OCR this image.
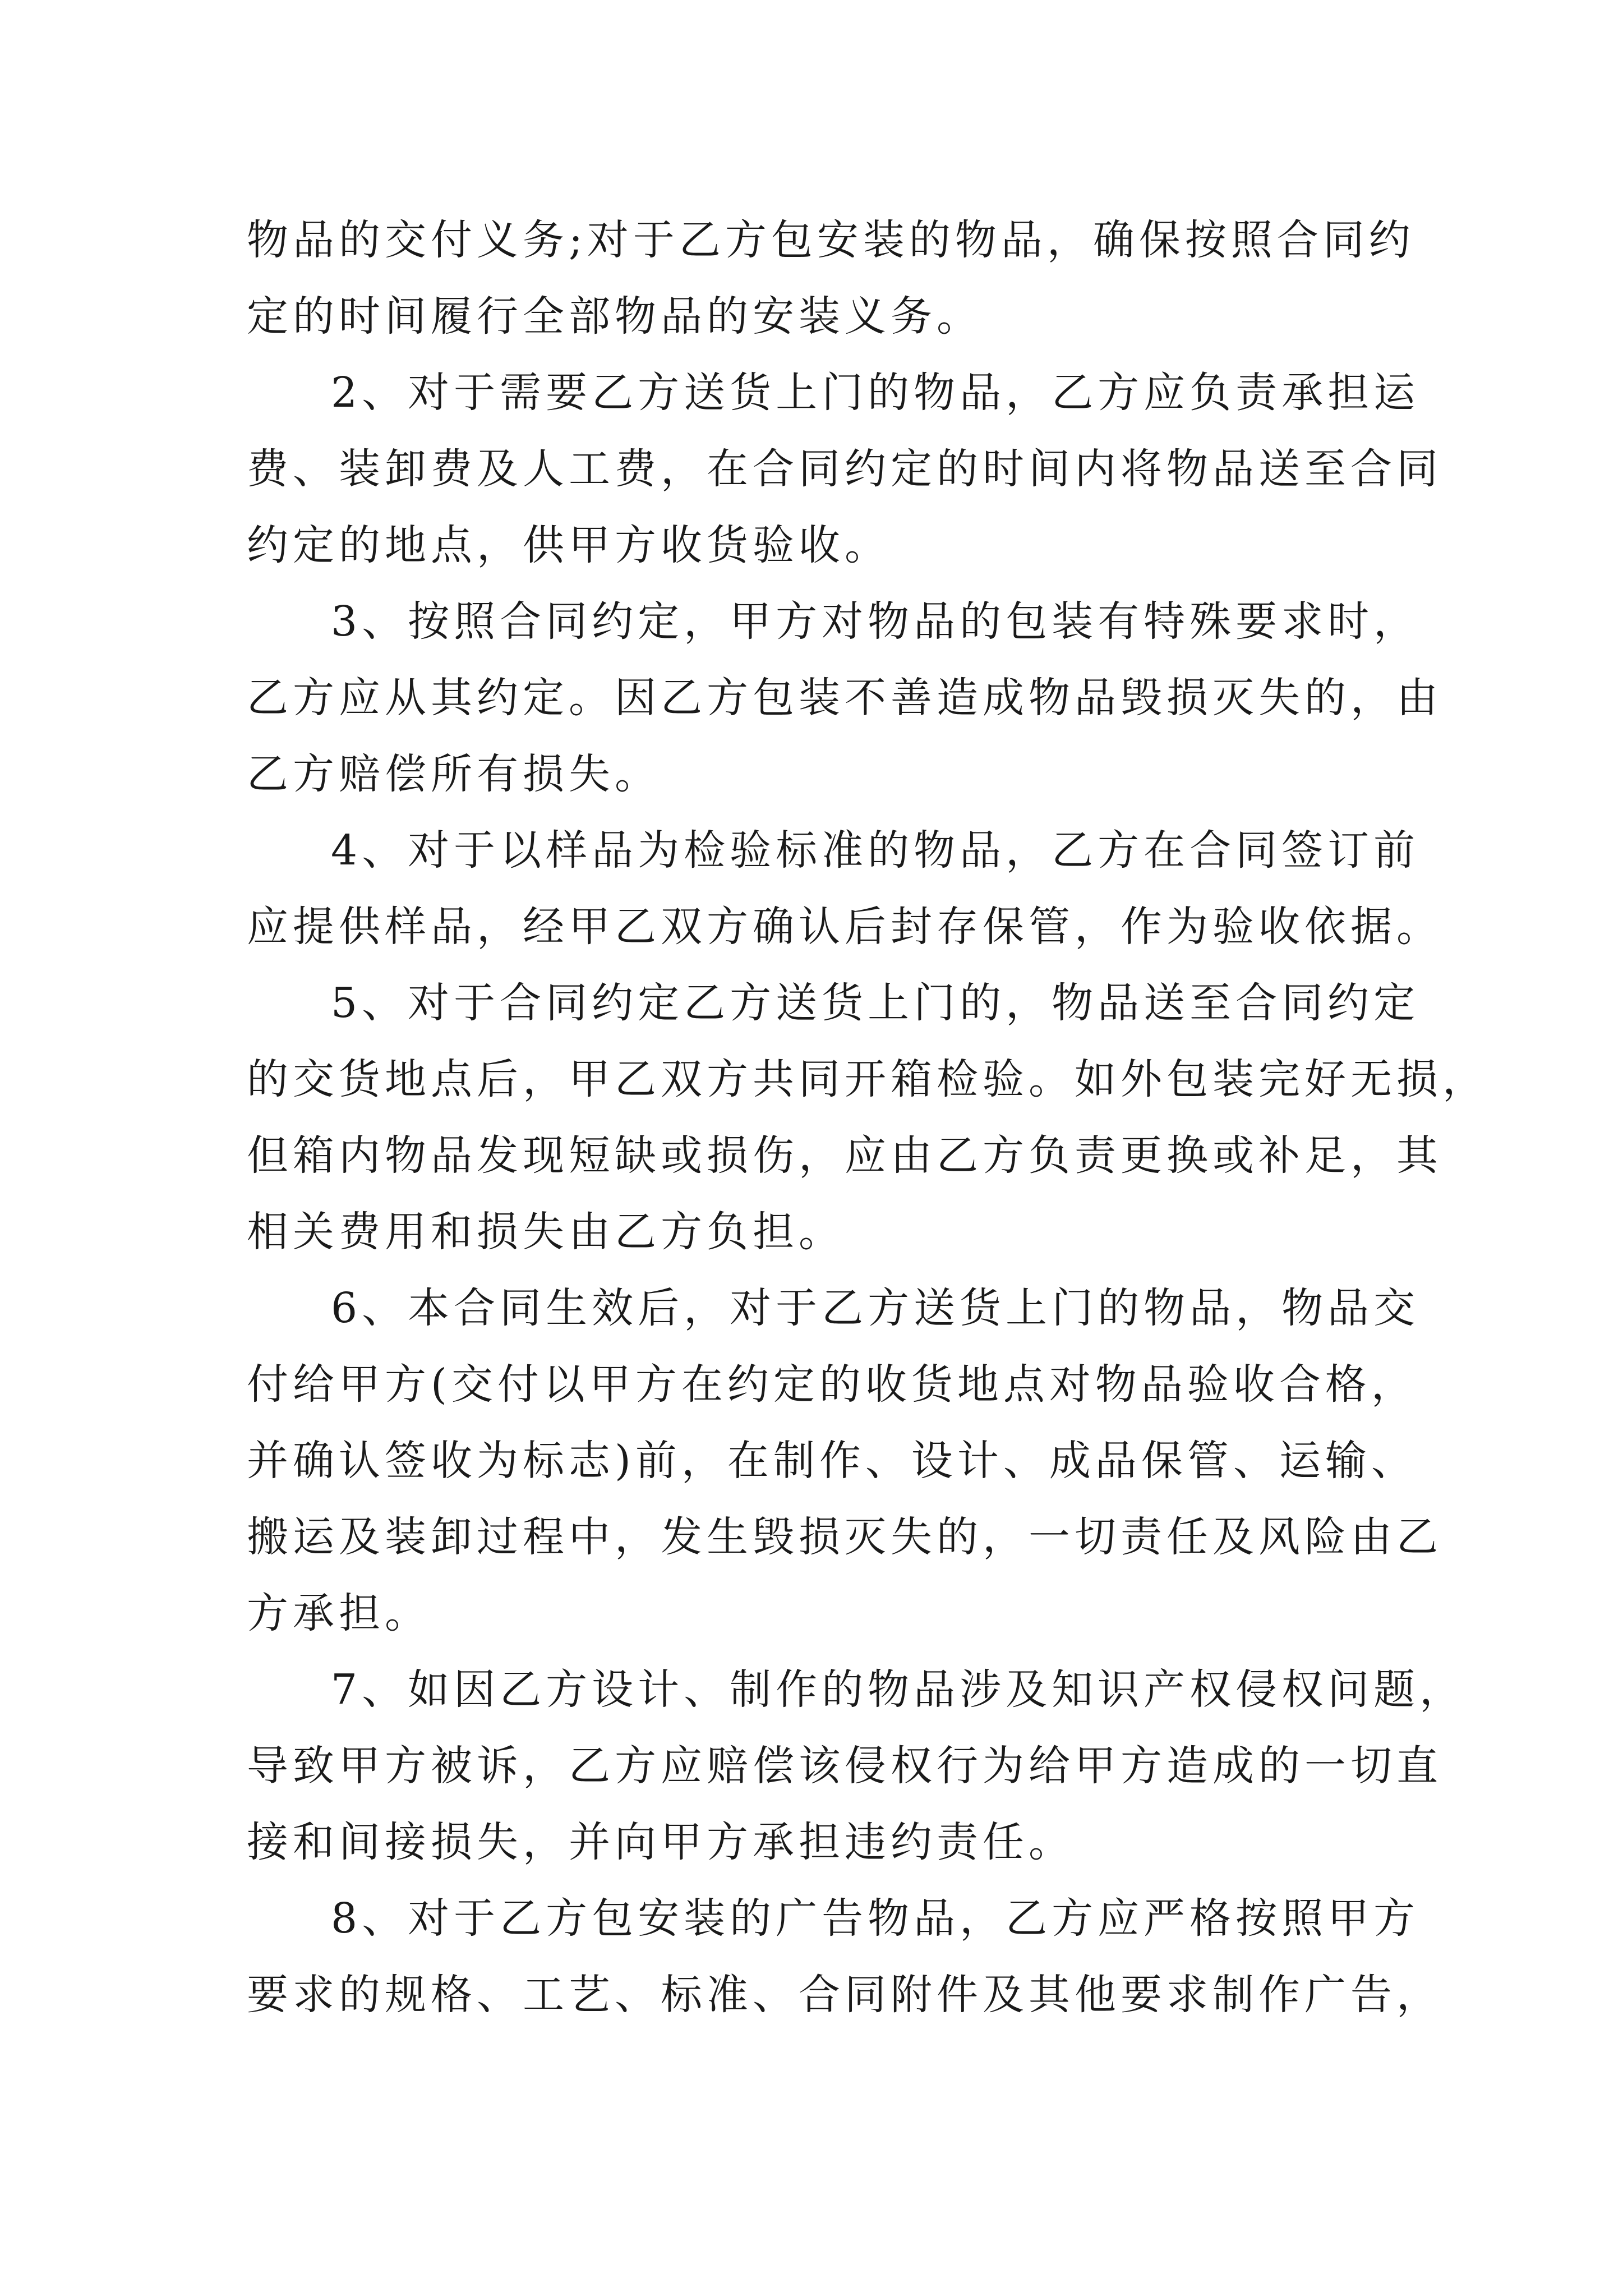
物品的交付义务;对于乙方包安装的物品，确保按照合同约
定的时间履行全部物品的安装义务。
2、对于需要乙方送货上门的物品，乙方应负责承担运
费、装卸费及人工费，在合同约定的时间内将物品送至合同
约定的地点，供甲方收货验收。
3、按照合同约定，甲方对物品的包装有特殊要求时，
乙方应从其约定。因乙方包装不善造成物品毁损灭失的，由
乙方赔偿所有损失。
4、对于以样品为检验标准的物品，乙方在合同签订前
应提供样品，经甲乙双方确认后封存保管，作为验收依据。
5、对于合同约定乙方送货上门的，物品送至合同约定
的交货地点后，甲乙双方共同开箱检验。如外包装完好无损，
但箱内物品发现短缺或损伤，应由乙方负责更换或补足，其
相关费用和损失由乙方负担。
6、本合同生效后，对于乙方送货上门的物品，物品交
付给甲方(交付以甲方在约定的收货地点对物品验收合格，
并确认签收为标志)前，在制作、设计、成品保管、运输、
搬运及装卸过程中，发生毁损灭失的，一切责任及风险由乙
方承担。
7、如因乙方设计、制作的物品涉及知识产权侵权问题，
导致甲方被诉，乙方应赔偿该侵权行为给甲方造成的一切直
接和间接损失，并向甲方承担违约责任。
8、对于乙方包安装的广告物品，乙方应严格按照甲方
要求的规格、工艺、标准、合同附件及其他要求制作广告，
